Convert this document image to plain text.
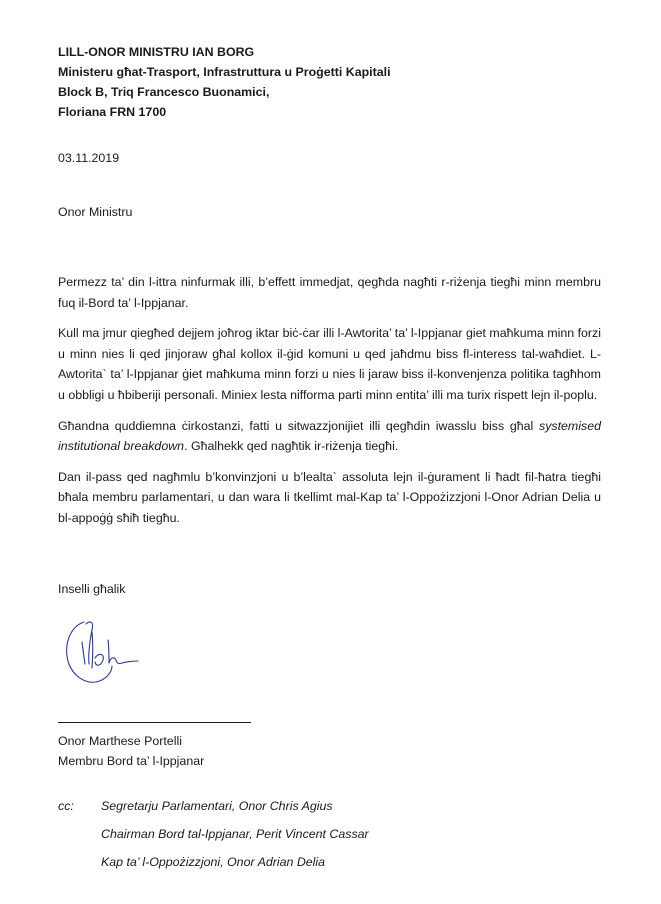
LILL-ONOR MINISTRU IAN BORG
Ministeru għat-Trasport, Infrastruttura u Proġetti Kapitali
Block B, Triq Francesco Buonamici,
Floriana FRN 1700
03.11.2019
Onor Ministru

Permezz ta’ din l-ittra ninfurmak illi, b’effett immedjat, qegħda nagħti r-riżenja tiegħi minn membru fuq il-Bord ta’ l-Ippjanar.

Kull ma jmur qiegħed dejjem joħrog iktar biċ-ċar illi l-Awtorita’ ta’ l-Ippjanar giet maħkuma minn forzi u minn nies li qed jinjoraw għal kollox il-ġid komuni u qed jaħdmu biss fl-interess tal-waħdiet. L-Awtorita` ta’ l-Ippjanar ġiet maħkuma minn forzi u nies li jaraw biss il-konvenjenza politika tagħhom u obbligi u ħbiberiji personali. Miniex lesta nifforma parti minn entita’ illi ma turix rispett lejn il-poplu.

Għandna quddiemna ċirkostanzi, fatti u sitwazzjonijiet illi qegħdin iwasslu biss għal systemised institutional breakdown. Għalhekk qed nagħtik ir-riżenja tiegħi.

Dan il-pass qed nagħmlu b’konvinzjoni u b’lealta` assoluta lejn il-ġurament li ħadt fil-ħatra tiegħi bħala membru parlamentari, u dan wara li tkellimt mal-Kap ta’ l-Oppożizzjoni l-Onor Adrian Delia u bl-appoġġ sħiħ tiegħu.

Inselli għalik
Onor Marthese Portelli
Membru Bord ta’ l-Ippjanar
cc: Segretarju Parlamentari, Onor Chris Agius
Chairman Bord tal-Ippjanar, Perit Vincent Cassar
Kap ta’ l-Oppożizzjoni, Onor Adrian Delia
